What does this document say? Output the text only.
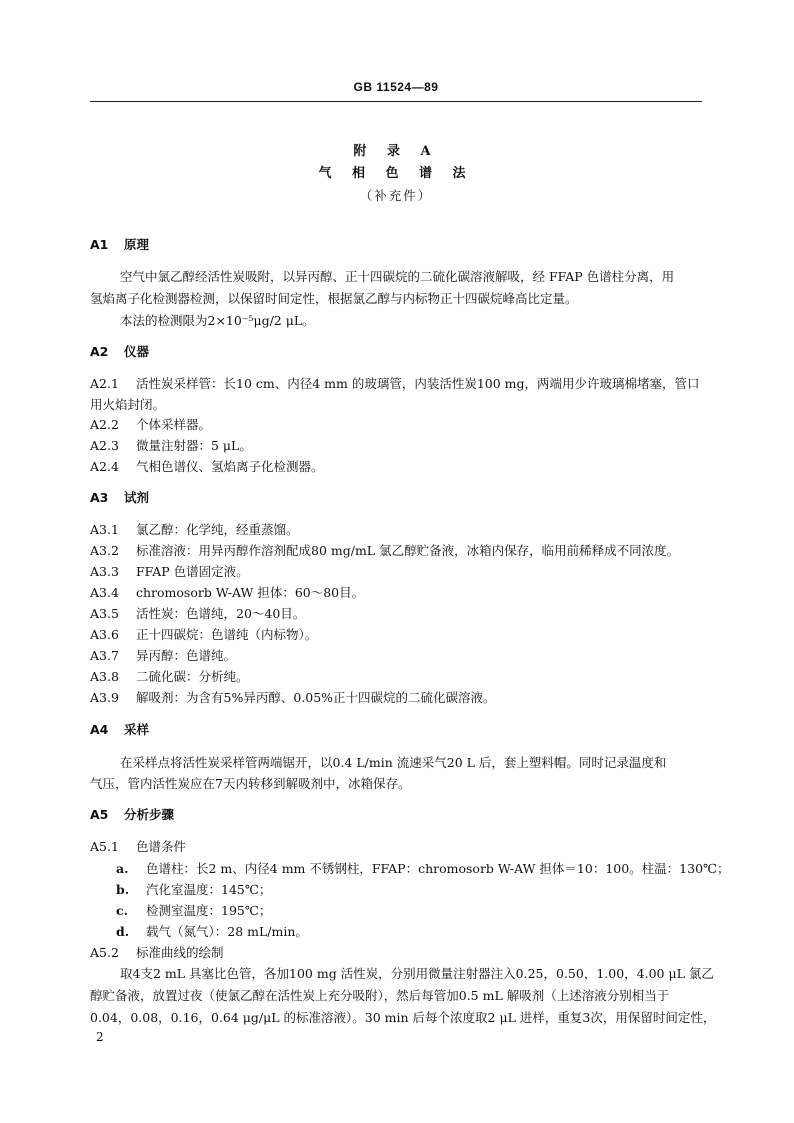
GB 11524—89
附 录 A
气 相 色 谱 法
（补充件）
A1 原理
空气中氯乙醇经活性炭吸附，以异丙醇、正十四碳烷的二硫化碳溶液解吸，经 FFAP 色谱柱分离，用
氢焰离子化检测器检测，以保留时间定性，根据氯乙醇与内标物正十四碳烷峰高比定量。
本法的检测限为2×10⁻⁵μg/2 μL。
A2 仪器
A2.1 活性炭采样管：长10 cm、内径4 mm 的玻璃管，内装活性炭100 mg，两端用少许玻璃棉堵塞，管口
用火焰封闭。
A2.2 个体采样器。
A2.3 微量注射器：5 μL。
A2.4 气相色谱仪、氢焰离子化检测器。
A3 试剂
A3.1 氯乙醇：化学纯，经重蒸馏。
A3.2 标准溶液：用异丙醇作溶剂配成80 mg/mL 氯乙醇贮备液，冰箱内保存，临用前稀释成不同浓度。
A3.3 FFAP 色谱固定液。
A3.4 chromosorb W-AW 担体：60～80目。
A3.5 活性炭：色谱纯，20～40目。
A3.6 正十四碳烷：色谱纯（内标物）。
A3.7 异丙醇：色谱纯。
A3.8 二硫化碳：分析纯。
A3.9 解吸剂：为含有5%异丙醇、0.05%正十四碳烷的二硫化碳溶液。
A4 采样
在采样点将活性炭采样管两端锯开，以0.4 L/min 流速采气20 L 后，套上塑料帽。同时记录温度和
气压，管内活性炭应在7天内转移到解吸剂中，冰箱保存。
A5 分析步骤
A5.1 色谱条件
a. 色谱柱：长2 m、内径4 mm 不锈钢柱，FFAP：chromosorb W-AW 担体＝10：100。柱温：130℃；
b. 汽化室温度：145℃；
c. 检测室温度：195℃；
d. 载气（氮气）：28 mL/min。
A5.2 标准曲线的绘制
取4支2 mL 具塞比色管，各加100 mg 活性炭，分别用微量注射器注入0.25，0.50，1.00，4.00 μL 氯乙
醇贮备液，放置过夜（使氯乙醇在活性炭上充分吸附），然后每管加0.5 mL 解吸剂（上述溶液分别相当于
0.04，0.08，0.16，0.64 μg/μL 的标准溶液）。30 min 后每个浓度取2 μL 进样，重复3次，用保留时间定性，
2
